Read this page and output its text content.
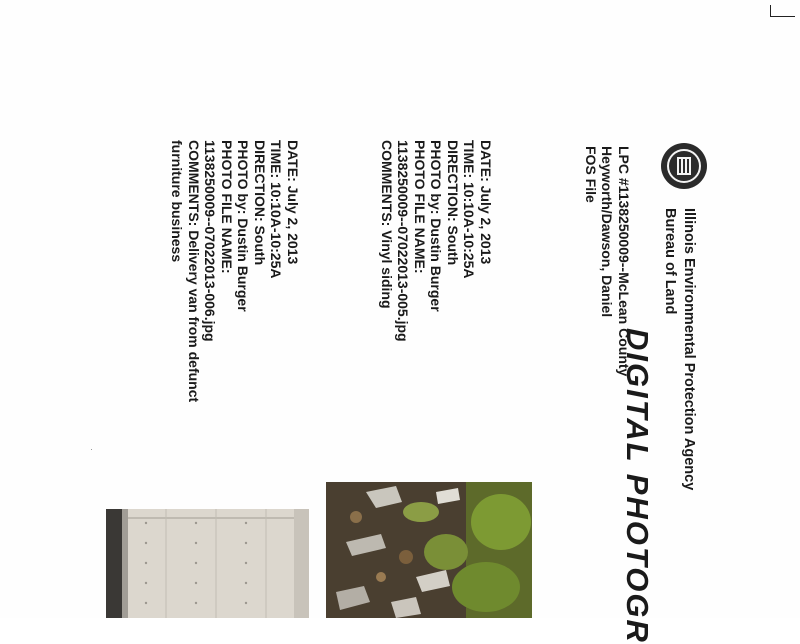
Illinois Environmental Protection Agency
Bureau of Land
DIGITAL PHOTOGR
LPC #1138250009--McLean County
Heyworth/Dawson, Daniel
FOS File
DATE: July 2, 2013
TIME: 10:10A-10:25A
DIRECTION: South
PHOTO by: Dustin Burger
PHOTO FILE NAME:
1138250009--07022013-005.jpg
COMMENTS: Vinyl siding
DATE: July 2, 2013
TIME: 10:10A-10:25A
DIRECTION: South
PHOTO by: Dustin Burger
PHOTO FILE NAME:
1138250009--07022013-006.jpg
COMMENTS: Delivery van from defunct
furniture business
